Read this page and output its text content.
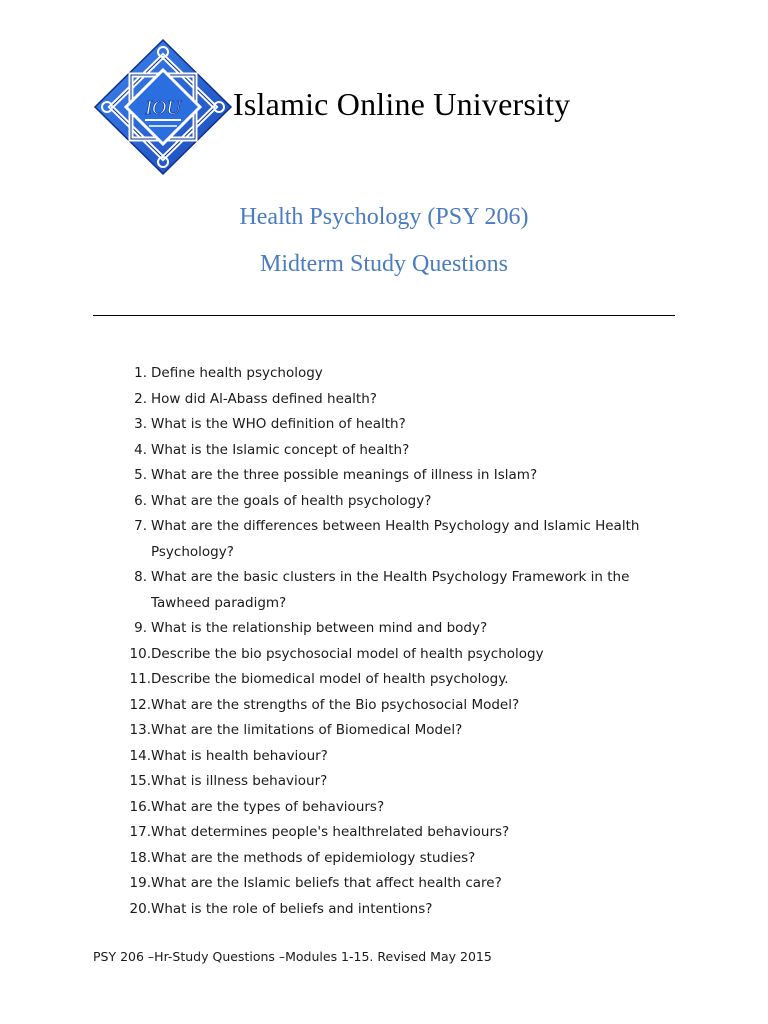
IOU Islamic Online University
Health Psychology (PSY 206)
Midterm Study Questions
1. Define health psychology
2. How did Al-Abass defined health?
3. What is the WHO definition of health?
4. What is the Islamic concept of health?
5. What are the three possible meanings of illness in Islam?
6. What are the goals of health psychology?
7. What are the differences between Health Psychology and Islamic Health Psychology?
8. What are the basic clusters in the Health Psychology Framework in the Tawheed paradigm?
9. What is the relationship between mind and body?
10. Describe the bio psychosocial model of health psychology
11. Describe the biomedical model of health psychology.
12. What are the strengths of the Bio psychosocial Model?
13. What are the limitations of Biomedical Model?
14. What is health behaviour?
15. What is illness behaviour?
16. What are the types of behaviours?
17. What determines people's healthrelated behaviours?
18. What are the methods of epidemiology studies?
19. What are the Islamic beliefs that affect health care?
20. What is the role of beliefs and intentions?
PSY 206 –Hr-Study Questions –Modules 1-15. Revised May 2015
